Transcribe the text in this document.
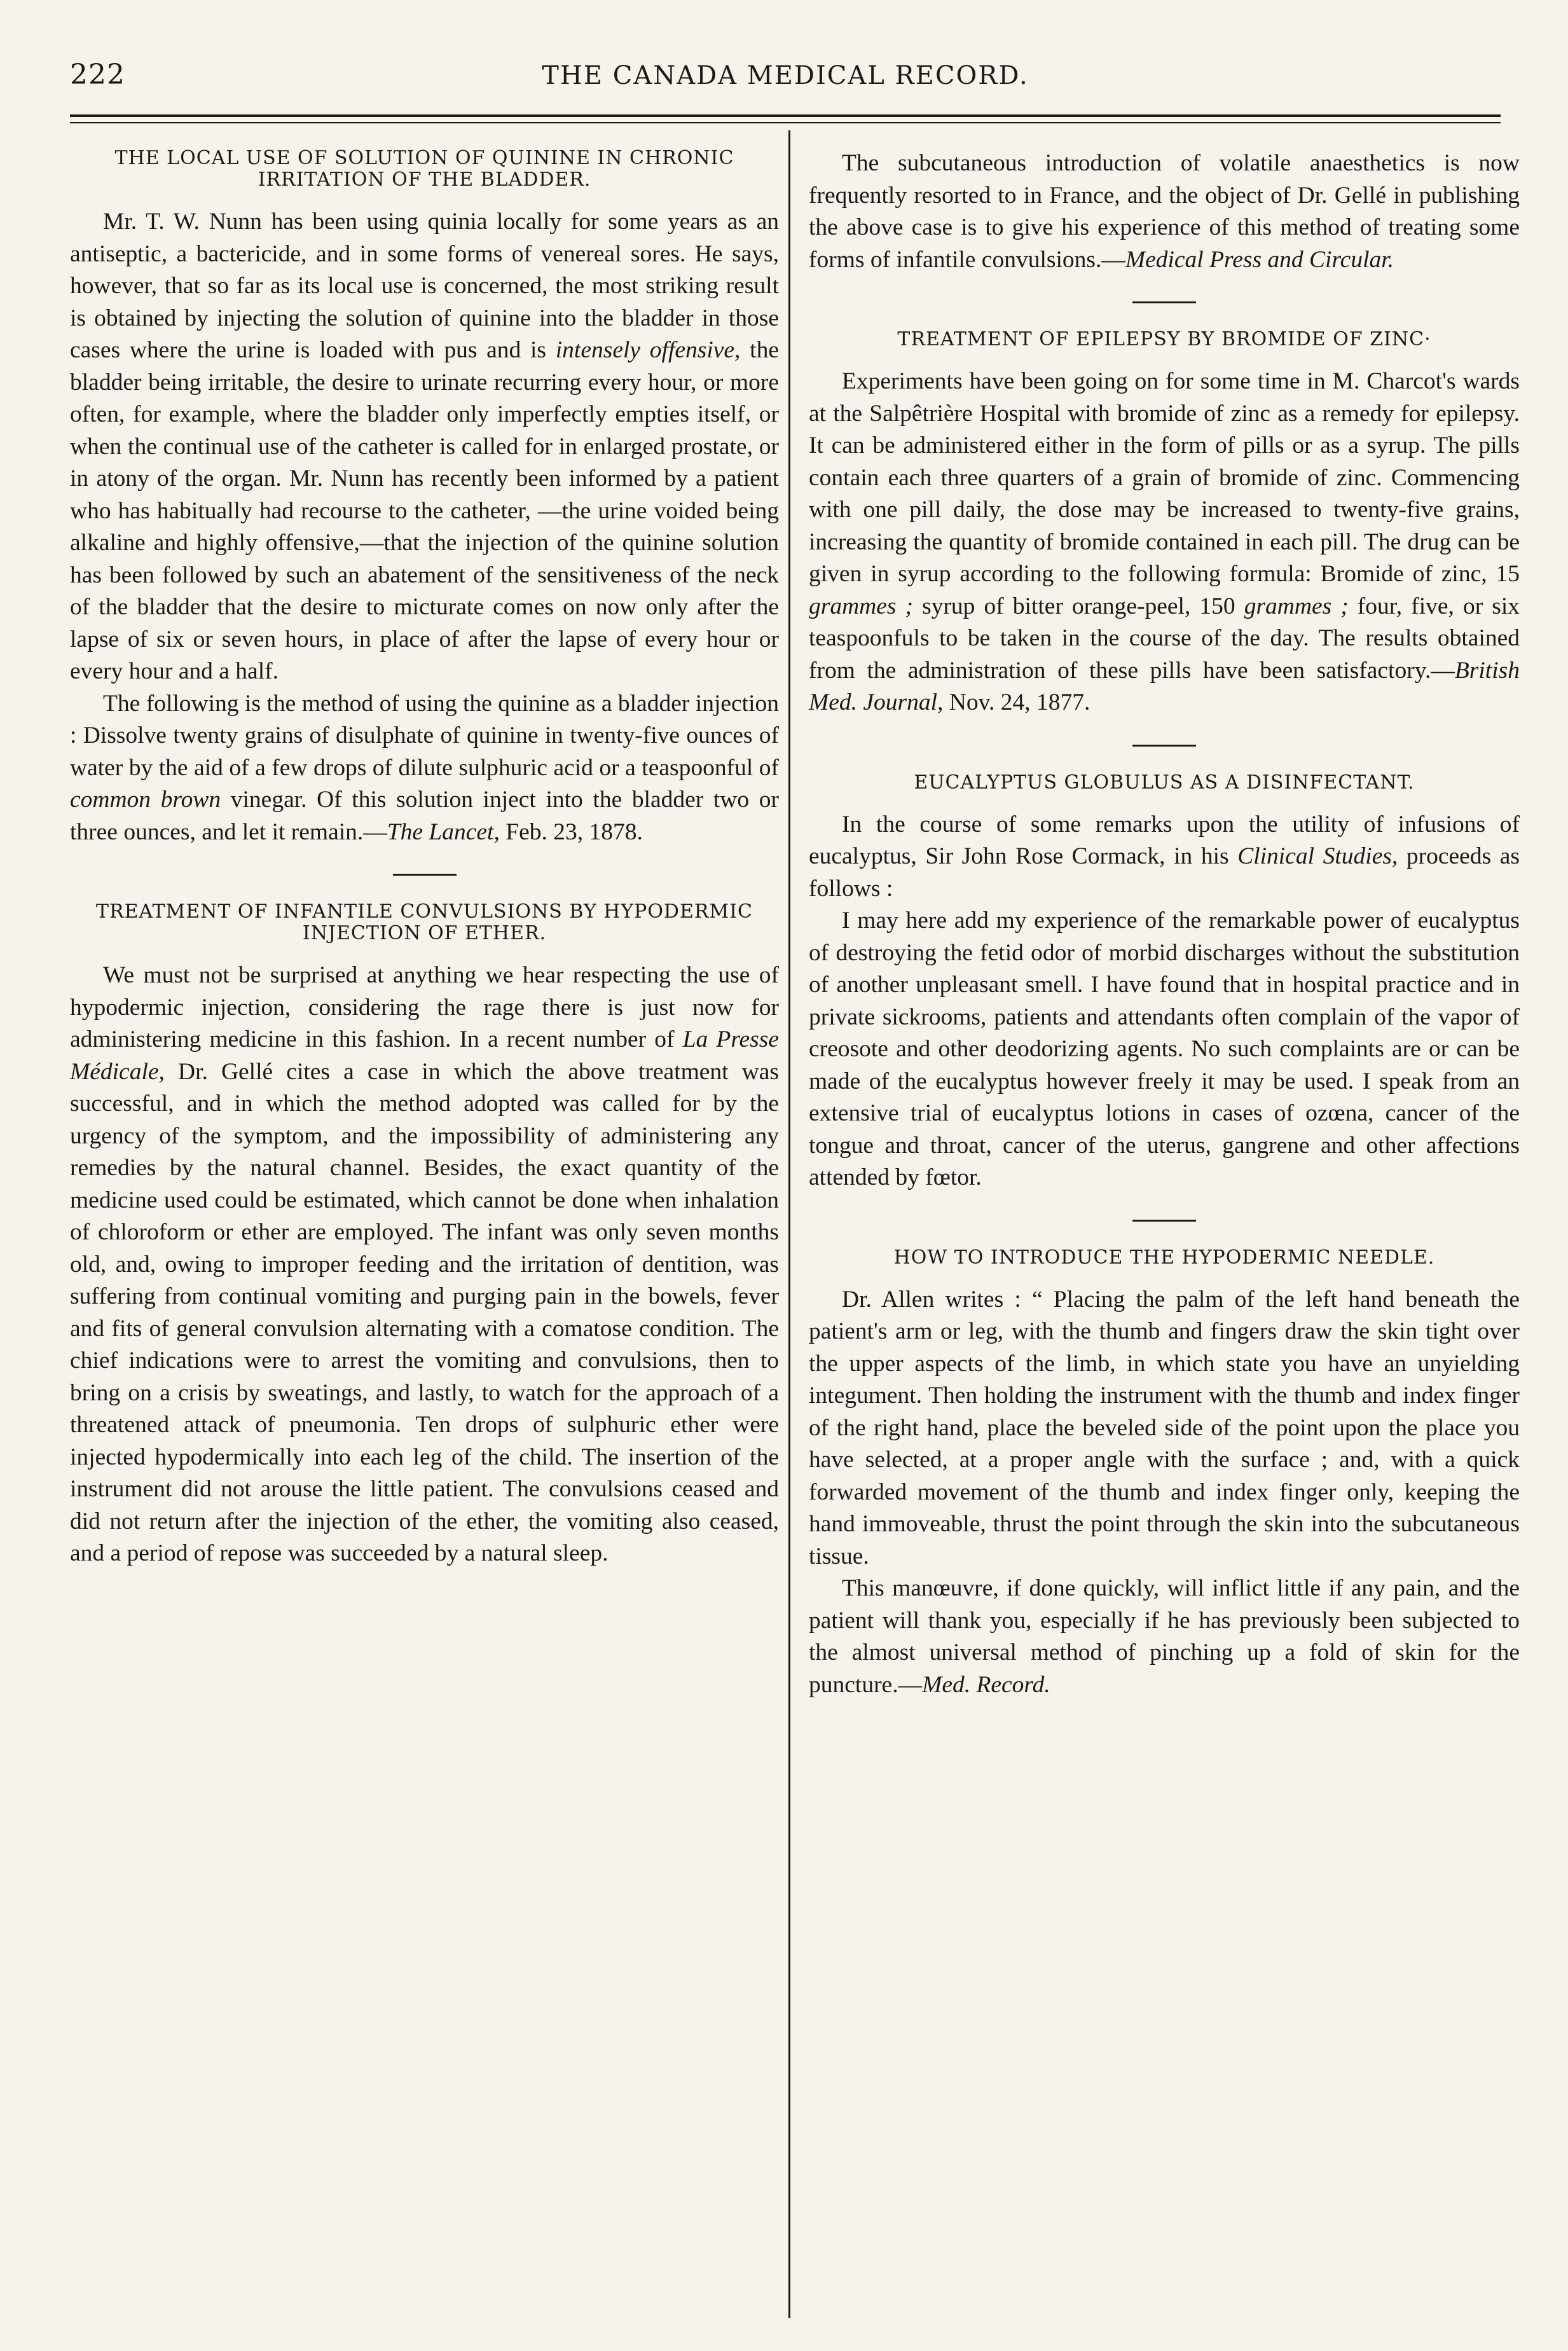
222	THE CANADA MEDICAL RECORD.
THE LOCAL USE OF SOLUTION OF QUININE IN CHRONIC IRRITATION OF THE BLADDER.

Mr. T. W. Nunn has been using quinia locally for some years as an antiseptic, a bactericide, and in some forms of venereal sores. He says, however, that so far as its local use is concerned, the most striking result is obtained by injecting the solution of quinine into the bladder in those cases where the urine is loaded with pus and is intensely offensive, the bladder being irritable, the desire to urinate recurring every hour, or more often, for example, where the bladder only imperfectly empties itself, or when the continual use of the catheter is called for in enlarged prostate, or in atony of the organ. Mr. Nunn has recently been informed by a patient who has habitually had recourse to the catheter, —the urine voided being alkaline and highly offensive,—that the injection of the quinine solution has been followed by such an abatement of the sensitiveness of the neck of the bladder that the desire to micturate comes on now only after the lapse of six or seven hours, in place of after the lapse of every hour or every hour and a half.

The following is the method of using the quinine as a bladder injection : Dissolve twenty grains of disulphate of quinine in twenty-five ounces of water by the aid of a few drops of dilute sulphuric acid or a teaspoonful of common brown vinegar. Of this solution inject into the bladder two or three ounces, and let it remain.—The Lancet, Feb. 23, 1878.

TREATMENT OF INFANTILE CONVULSIONS BY HYPODERMIC INJECTION OF ETHER.

We must not be surprised at anything we hear respecting the use of hypodermic injection, considering the rage there is just now for administering medicine in this fashion. In a recent number of La Presse Médicale, Dr. Gellé cites a case in which the above treatment was successful, and in which the method adopted was called for by the urgency of the symptom, and the impossibility of administering any remedies by the natural channel. Besides, the exact quantity of the medicine used could be estimated, which cannot be done when inhalation of chloroform or ether are employed. The infant was only seven months old, and, owing to improper feeding and the irritation of dentition, was suffering from continual vomiting and purging pain in the bowels, fever and fits of general convulsion alternating with a comatose condition. The chief indications were to arrest the vomiting and convulsions, then to bring on a crisis by sweatings, and lastly, to watch for the approach of a threatened attack of pneumonia. Ten drops of sulphuric ether were injected hypodermically into each leg of the child. The insertion of the instrument did not arouse the little patient. The convulsions ceased and did not return after the injection of the ether, the vomiting also ceased, and a period of repose was succeeded by a natural sleep.

The subcutaneous introduction of volatile anaesthetics is now frequently resorted to in France, and the object of Dr. Gellé in publishing the above case is to give his experience of this method of treating some forms of infantile convulsions.—Medical Press and Circular.

TREATMENT OF EPILEPSY BY BROMIDE OF ZINC·

Experiments have been going on for some time in M. Charcot's wards at the Salpêtrière Hospital with bromide of zinc as a remedy for epilepsy. It can be administered either in the form of pills or as a syrup. The pills contain each three quarters of a grain of bromide of zinc. Commencing with one pill daily, the dose may be increased to twenty-five grains, increasing the quantity of bromide contained in each pill. The drug can be given in syrup according to the following formula: Bromide of zinc, 15 grammes ; syrup of bitter orange-peel, 150 grammes ; four, five, or six teaspoonfuls to be taken in the course of the day. The results obtained from the administration of these pills have been satisfactory.—British Med. Journal, Nov. 24, 1877.

EUCALYPTUS GLOBULUS AS A DISINFECTANT.

In the course of some remarks upon the utility of infusions of eucalyptus, Sir John Rose Cormack, in his Clinical Studies, proceeds as follows :

I may here add my experience of the remarkable power of eucalyptus of destroying the fetid odor of morbid discharges without the substitution of another unpleasant smell. I have found that in hospital practice and in private sickrooms, patients and attendants often complain of the vapor of creosote and other deodorizing agents. No such complaints are or can be made of the eucalyptus however freely it may be used. I speak from an extensive trial of eucalyptus lotions in cases of ozœna, cancer of the tongue and throat, cancer of the uterus, gangrene and other affections attended by fœtor.

HOW TO INTRODUCE THE HYPODERMIC NEEDLE.

Dr. Allen writes : “ Placing the palm of the left hand beneath the patient's arm or leg, with the thumb and fingers draw the skin tight over the upper aspects of the limb, in which state you have an unyielding integument. Then holding the instrument with the thumb and index finger of the right hand, place the beveled side of the point upon the place you have selected, at a proper angle with the surface ; and, with a quick forwarded movement of the thumb and index finger only, keeping the hand immoveable, thrust the point through the skin into the subcutaneous tissue.

This manœuvre, if done quickly, will inflict little if any pain, and the patient will thank you, especially if he has previously been subjected to the almost universal method of pinching up a fold of skin for the puncture.—Med. Record.
